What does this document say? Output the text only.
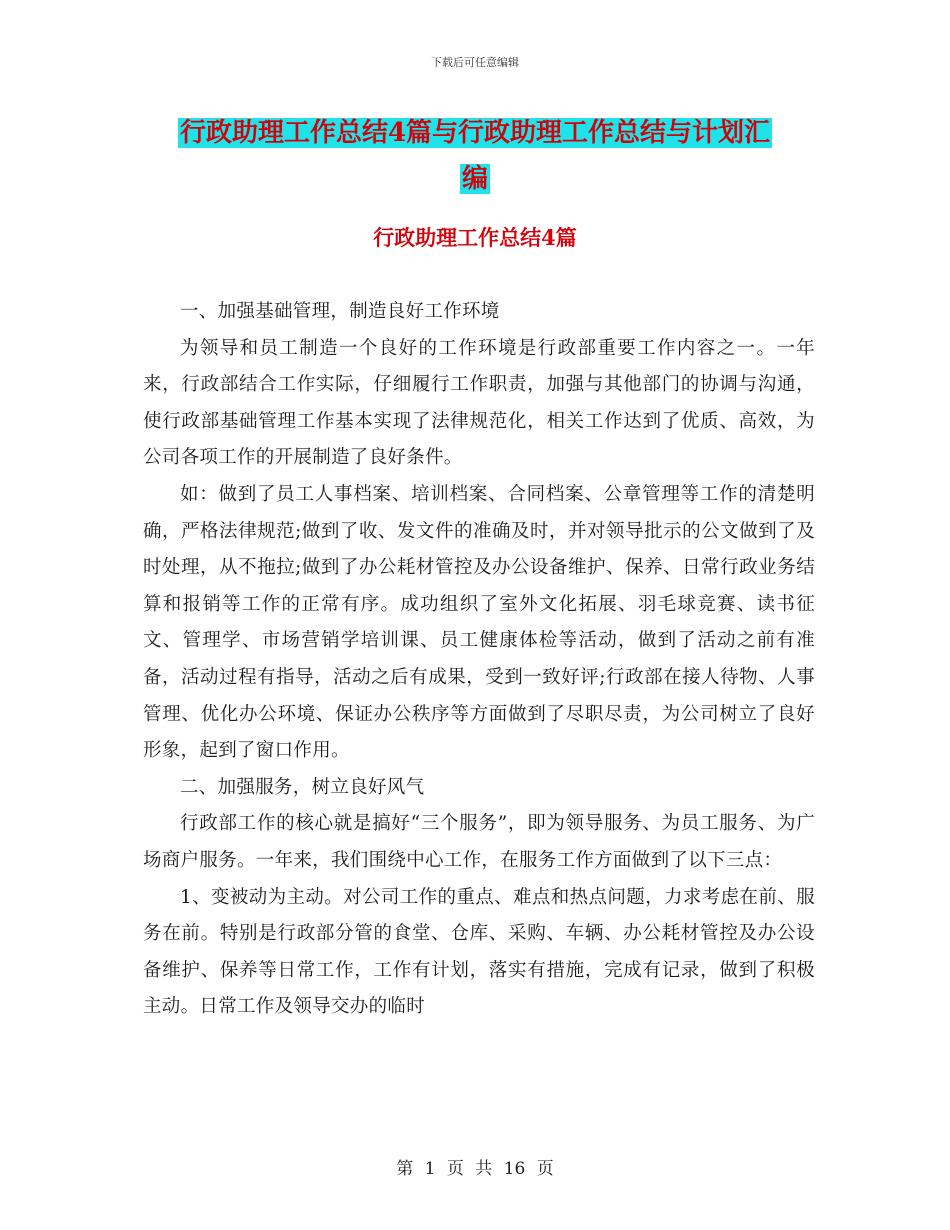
下载后可任意编辑
行政助理工作总结4篇与行政助理工作总结与计划汇
编
行政助理工作总结4篇

一、加强基础管理，制造良好工作环境

为领导和员工制造一个良好的工作环境是行政部重要工作内容之一。一年来，行政部结合工作实际，仔细履行工作职责，加强与其他部门的协调与沟通，使行政部基础管理工作基本实现了法律规范化，相关工作达到了优质、高效，为公司各项工作的开展制造了良好条件。

如：做到了员工人事档案、培训档案、合同档案、公章管理等工作的清楚明确，严格法律规范;做到了收、发文件的准确及时，并对领导批示的公文做到了及时处理，从不拖拉;做到了办公耗材管控及办公设备维护、保养、日常行政业务结算和报销等工作的正常有序。成功组织了室外文化拓展、羽毛球竞赛、读书征文、管理学、市场营销学培训课、员工健康体检等活动，做到了活动之前有准备，活动过程有指导，活动之后有成果，受到一致好评;行政部在接人待物、人事管理、优化办公环境、保证办公秩序等方面做到了尽职尽责，为公司树立了良好形象，起到了窗口作用。

二、加强服务，树立良好风气

行政部工作的核心就是搞好“三个服务”，即为领导服务、为员工服务、为广场商户服务。一年来，我们围绕中心工作，在服务工作方面做到了以下三点：

1、变被动为主动。对公司工作的重点、难点和热点问题，力求考虑在前、服务在前。特别是行政部分管的食堂、仓库、采购、车辆、办公耗材管控及办公设备维护、保养等日常工作，工作有计划，落实有措施，完成有记录，做到了积极主动。日常工作及领导交办的临时

第 1 页 共 16 页
